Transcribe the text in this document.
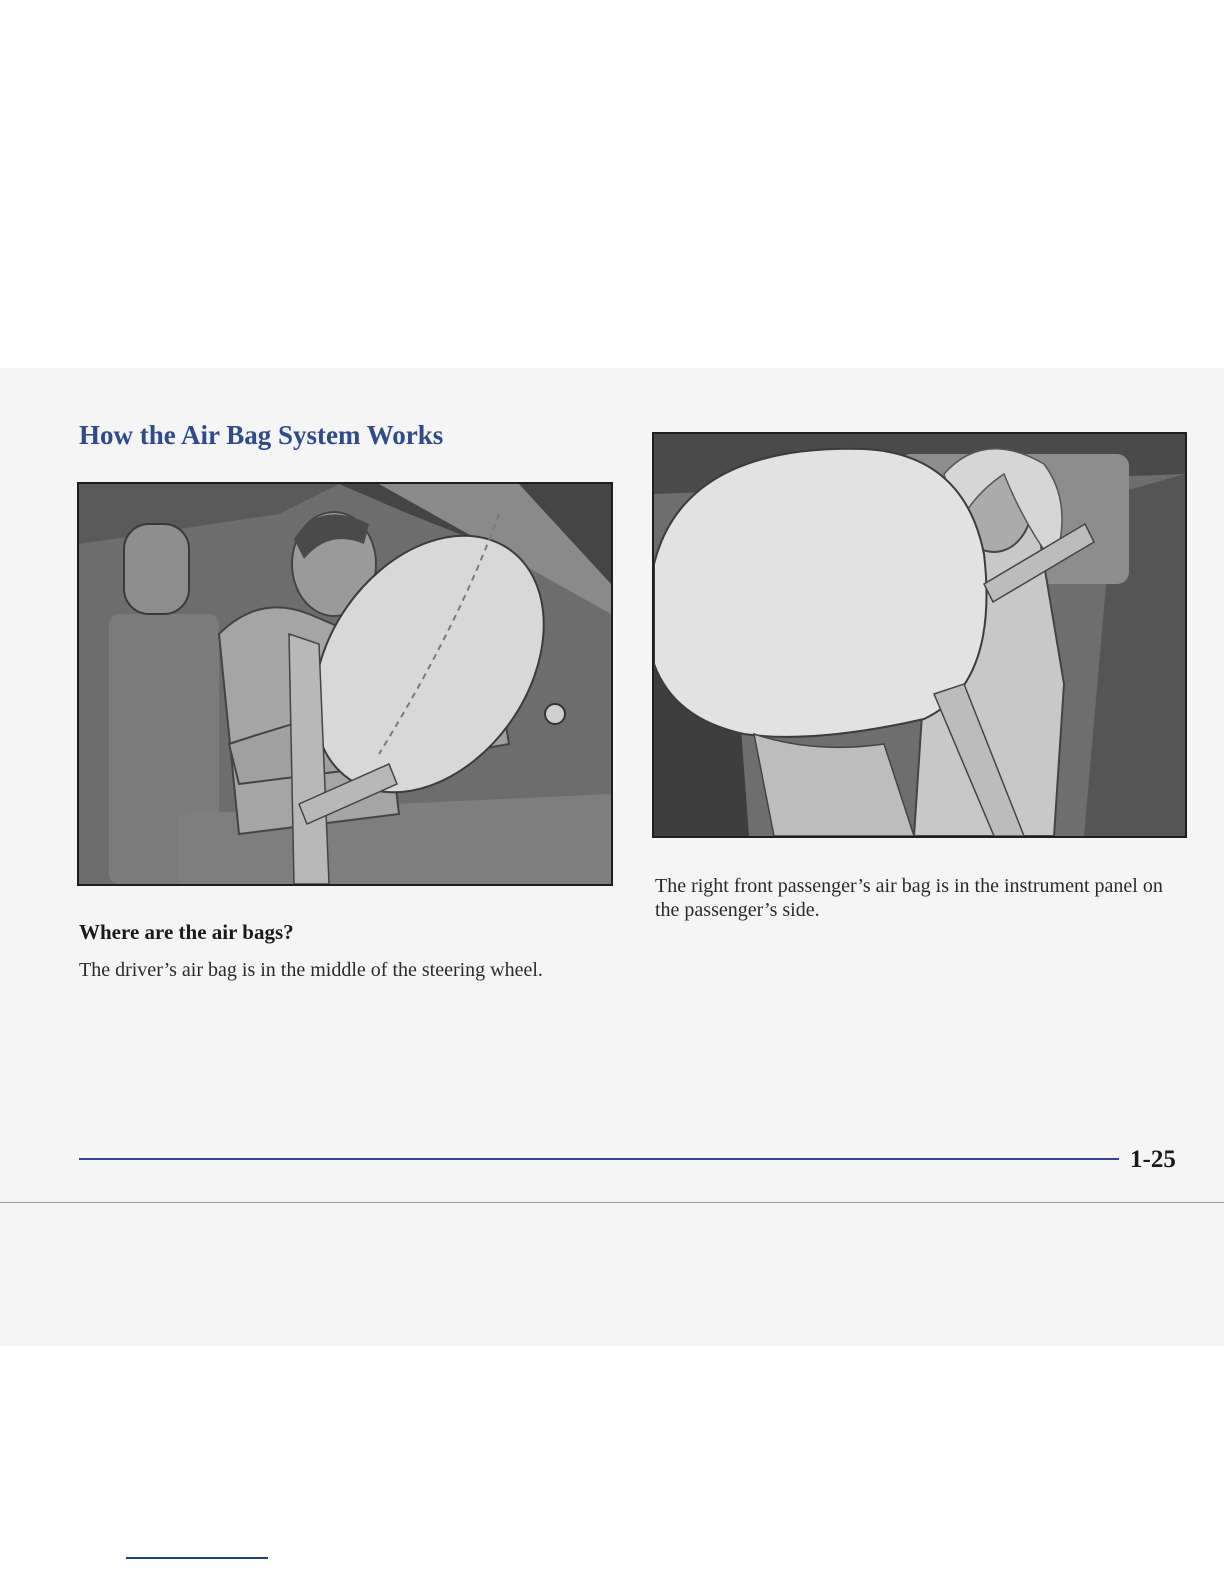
How the Air Bag System Works

The right front passenger’s air bag is in the instrument panel on the passenger’s side.

Where are the air bags?

The driver’s air bag is in the middle of the steering wheel.

1-25
